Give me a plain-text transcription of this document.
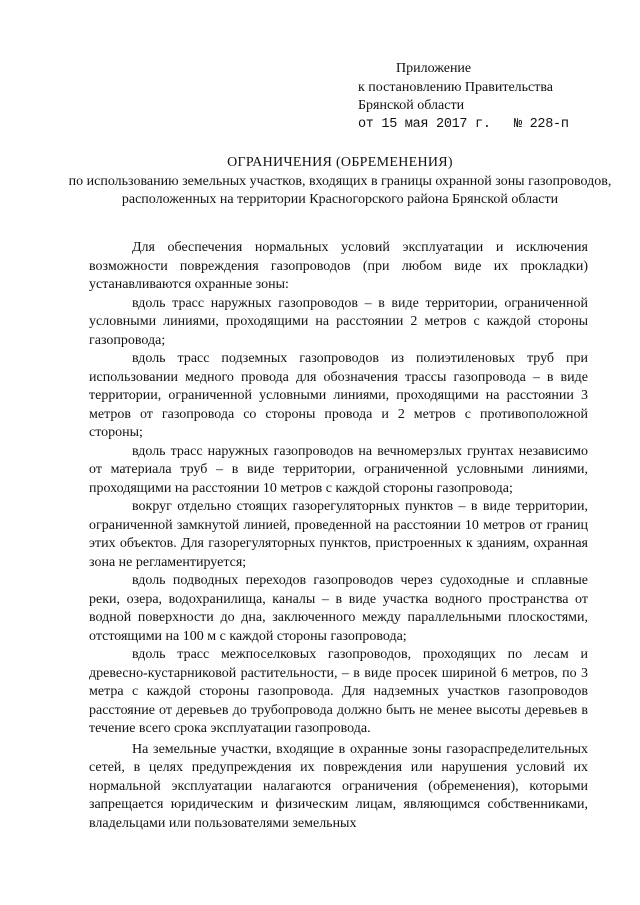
Приложение
к постановлению Правительства
Брянской области
от 15 мая 2017 г. № 228-п
ОГРАНИЧЕНИЯ (ОБРЕМЕНЕНИЯ)
по использованию земельных участков, входящих в границы охранной зоны газопроводов, расположенных на территории Красногорского района Брянской области

Для обеспечения нормальных условий эксплуатации и исключения возможности повреждения газопроводов (при любом виде их прокладки) устанавливаются охранные зоны:

вдоль трасс наружных газопроводов – в виде территории, ограниченной условными линиями, проходящими на расстоянии 2 метров с каждой стороны газопровода;

вдоль трасс подземных газопроводов из полиэтиленовых труб при использовании медного провода для обозначения трассы газопровода – в виде территории, ограниченной условными линиями, проходящими на расстоянии 3 метров от газопровода со стороны провода и 2 метров с противоположной стороны;

вдоль трасс наружных газопроводов на вечномерзлых грунтах независимо от материала труб – в виде территории, ограниченной условными линиями, проходящими на расстоянии 10 метров с каждой стороны газопровода;

вокруг отдельно стоящих газорегуляторных пунктов – в виде территории, ограниченной замкнутой линией, проведенной на расстоянии 10 метров от границ этих объектов. Для газорегуляторных пунктов, пристроенных к зданиям, охранная зона не регламентируется;

вдоль подводных переходов газопроводов через судоходные и сплавные реки, озера, водохранилища, каналы – в виде участка водного пространства от водной поверхности до дна, заключенного между параллельными плоскостями, отстоящими на 100 м с каждой стороны газопровода;

вдоль трасс межпоселковых газопроводов, проходящих по лесам и древесно-кустарниковой растительности, – в виде просек шириной 6 метров, по 3 метра с каждой стороны газопровода. Для надземных участков газопроводов расстояние от деревьев до трубопровода должно быть не менее высоты деревьев в течение всего срока эксплуатации газопровода.

На земельные участки, входящие в охранные зоны газораспределительных сетей, в целях предупреждения их повреждения или нарушения условий их нормальной эксплуатации налагаются ограничения (обременения), которыми запрещается юридическим и физическим лицам, являющимся собственниками, владельцами или пользователями земельных
